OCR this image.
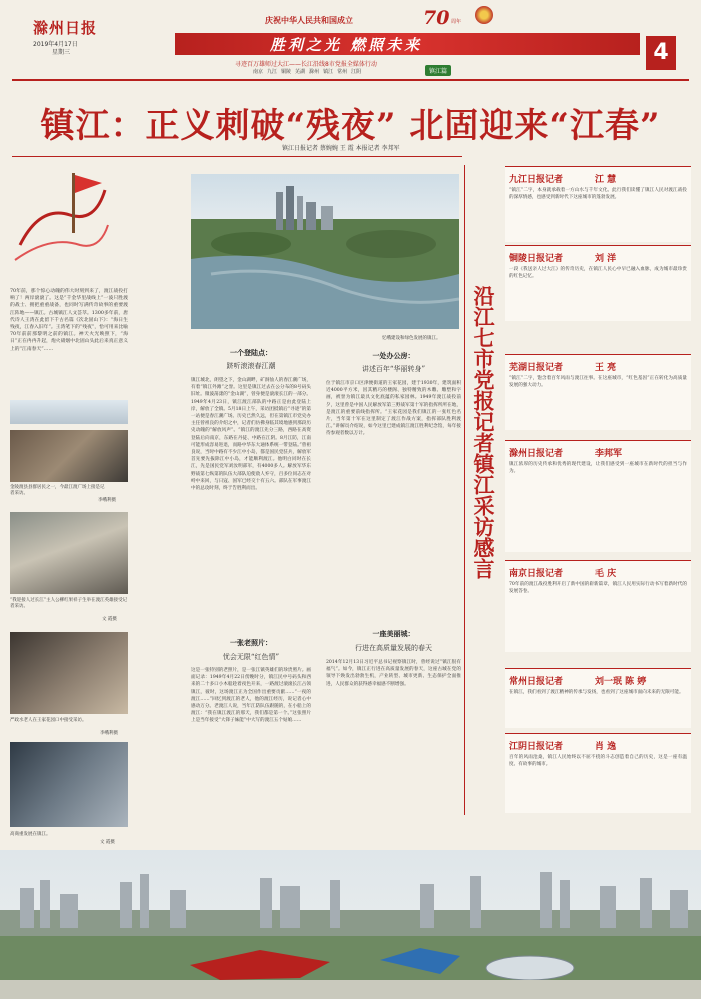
滁州日报
2019年4月17日
星期三
庆祝中华人民共和国成立	70 周年
胜利之光 燃照未来
寻迹百万雄师过大江——长江沿线8市党报全媒体行动
南京 九江 铜陵 芜湖 滁州 镇江 常州 江阴	镇江篇
4
镇江：正义刺破“残夜” 北固迎来“江春”
镇江日报记者 蔡婉婉 王 霞 本报记者 李邦军
70年前，那个惊心动魄的伟大时刻到来了，渡江战役打响了！两岸滚滚了。这是“千金华里战线上”一波只胜渡的战士、拥把重重战备，也同时写满传奇故事的重要渡江阵地——镇江。古城镇江人文荟萃。1300多年前，唐代诗人王湾在此留下千古名篇《次北固山下》：“海日生残夜，江春入旧年”。王湾笔下的“残夜”，恰可用来比喻70年前前那黎明之前的镇江。神天火光映照下，“海日”正在冉冉升起，炮火硝烟中北固山头此后来真正意义上的“江南春天”……
金陵渡县县群居民之一，今最江渡广场上接是记者采访。
李峨利摄
“我迎接人过长江”主人公柳红果祥子生举在渡江英雄接受记者采访。
文 霞摄
严政水老人在王家花园口中接受采访。
李峨利摄
高商重发展在镇江。
文 霞摄
忆峨建设和绿色发展的镇江。
一个登陆点：
跻听滚滚春江潮
一处办公房：
讲述百年“华丽转身”
一张老照片：
忧会无限“红色情”
一座美丽城：
行进在高质量发展的春天
镇江城北，朗望之下，金山湖畔，矿洞仙人的春江潮广场，有着“镇江外滩”之誉。这里是镇江过去在公分布的8号码头旧址。微波荡漾的“金山湖”，曾身便是滚滚长江的一部分。1949年4月23日，镇江渡江部队的中路正是由此登陆上岸，解放了全镇。5月18日上午，采访团抵镇后“寻迹”的第一站便是春江潮广场。历史已然久远，但在第镇江市党史办主任曾祖良的介绍之中，记者们仿佛身临其境地感到那段历史动魄的“解放风声”。“镇江的渡江先分三路，西路在高资登陆后向南京，东路在丹徒、中路在江阴。8月江防，江南可能形成容易进退，而路中华东大通体系统一带登陆。”曾祖良说，当时中路有不少江中小岛，都是国民党驻兵，解放军首先要先拔除江中小岛，才能顺利渡江。他明白同时在长江，先是国民党军刘汝明部军，有4000多人。解放军华东野战第七纵第的队伍大部队迫使敌人弃守，百多位同志在对峙中来回，与日寇、国军已经交十有五六。部队在军事渡江中的总攻时刻，终于告胜利而出。
这是一张特别的老照片，是一张江镇英雄们的珍贵照片。画面记录：1949年4月22日傍晚时分，镇江民中号码头和西来的二十多口小木船趁着夜色开来，一路渡过滚滚长江占领镇江，彼时，这场渡江正为全国作出重要贡献……“一夜的渡江……”回忆到渡江的老人，他的渡江经历，说记者心中感动万分。老渡江人说，当年江防队伍跟随的，在小船上的渡江：“我在镇江渡江的那天，我们都是第一个。”这张照片上是当年接受“大锋子妹能”中大写的渡江五个姑娘……
位于镇江市京口区津便街道的王家花园，建于1930年，建筑面积近4000平方米，因其精巧的楼阁、独特精致的木雕、雕塑和字画，被誉为镇江最具文化底蕴的私家园林。1949年渡江战役前夕，这里曾是中国人民解放军第三野战军第十军的指挥所所在地，是渡江的重要前线指挥所。“王家花园是我们镇江的一张红色名片，当年第十军在这里制定了渡江作战方案，指挥部队胜利渡江。”讲解员介绍说，如今这里已建成镇江渡江胜利纪念馆，每年接待参观者数以万计。
2014年12月13日习近平总书记视察镇江时，曾经说过“镇江很有福气”。如今，镇江正行进在高质量发展的春天，这座古城在党的领导下焕发出勃勃生机，产业转型、城市更新、生态保护全面推进，人民群众的获得感幸福感不断增强。
沿江七市党报记者镇江采访感言
九江日报记者	江 慧
“镇江”二字，本身就承载着一方山水与千年文化。此行我们读懂了镇江人民对渡江战役的深厚情感，也感受到新时代下这座城市的蓬勃发展。
铜陵日报记者	刘 洋
一段《我送亲人过大江》的传奇历史，在镇江人民心中早已融入血脉，成为城市最珍贵的红色记忆。
芜湖日报记者	王 亮
“镇江”二字，饱含着百年风雨与渡江往事。在这座城市，“红色基因”正在转化为高质量发展的强大动力。
滁州日报记者	李邦军
镇江浓厚的历史传承和优秀的现代建设，让我们感受到一座城市在新时代的担当与作为。
南京日报记者	毛 庆
70年前的渡江战役胜利开启了新中国的崭新篇章，镇江人民用实际行动书写着新时代的发展答卷。
常州日报记者	刘一珉 陈 婷
在镇江，我们看到了渡江精神的传承与发扬，也看到了这座城市面向未来的无限可能。
江阴日报记者	肖 逸
百年的风雨沧桑，镇江人民始终以不屈不挠的斗志创造着自己的历史，这是一座有温度、有故事的城市。
